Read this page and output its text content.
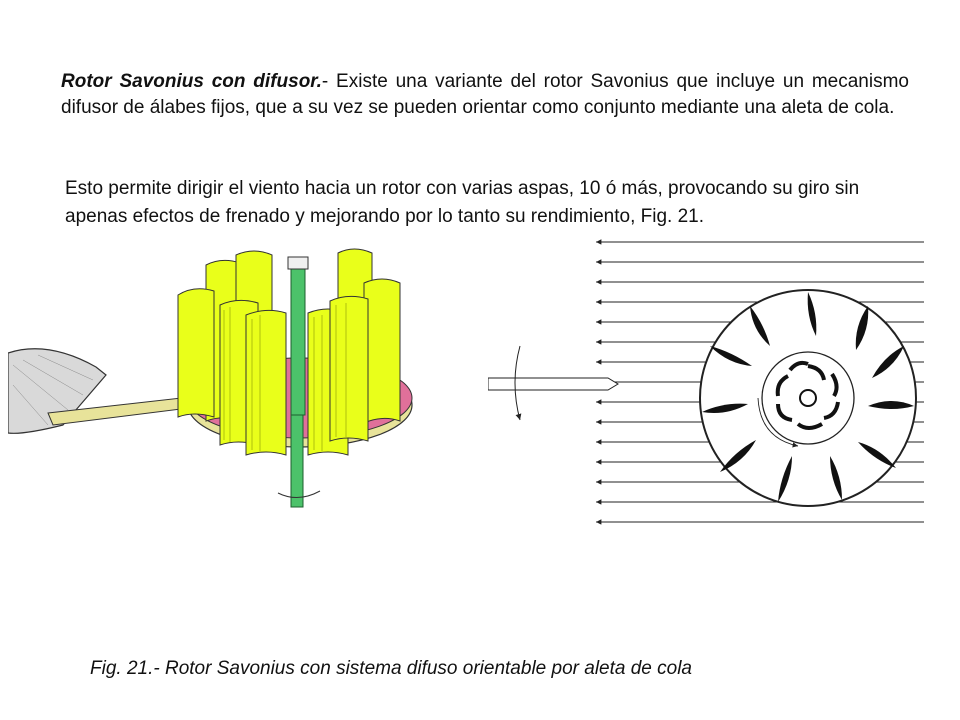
Rotor Savonius con difusor.- Existe una variante del rotor Savonius que incluye un mecanismo difusor de álabes fijos, que a su vez se pueden orientar como conjunto mediante una aleta de cola.

Esto permite dirigir el viento hacia un rotor con varias aspas, 10 ó más, provocando su giro sin apenas efectos de frenado y mejorando por lo tanto su rendimiento, Fig. 21.

Fig. 21.- Rotor Savonius con sistema difuso orientable por aleta de cola
